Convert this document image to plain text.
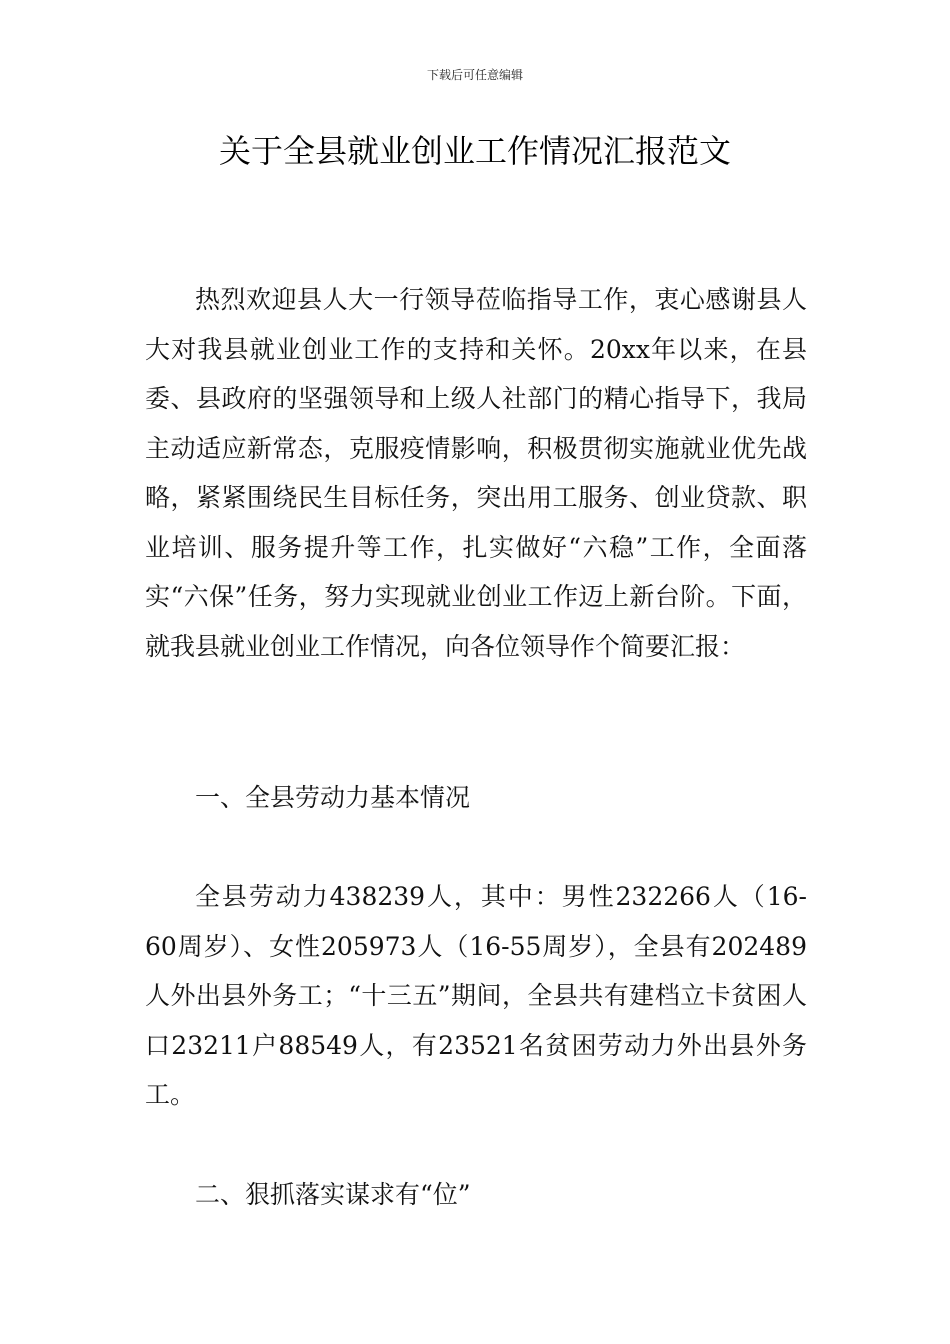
下载后可任意编辑
关于全县就业创业工作情况汇报范文

热烈欢迎县人大一行领导莅临指导工作，衷心感谢县人大对我县就业创业工作的支持和关怀。20xx年以来，在县委、县政府的坚强领导和上级人社部门的精心指导下，我局主动适应新常态，克服疫情影响，积极贯彻实施就业优先战略，紧紧围绕民生目标任务，突出用工服务、创业贷款、职业培训、服务提升等工作，扎实做好“六稳”工作，全面落实“六保”任务，努力实现就业创业工作迈上新台阶。下面，就我县就业创业工作情况，向各位领导作个简要汇报：

一、全县劳动力基本情况

全县劳动力438239人，其中：男性232266人（16-60周岁）、女性205973人（16-55周岁），全县有202489人外出县外务工；“十三五”期间，全县共有建档立卡贫困人口23211户88549人，有23521名贫困劳动力外出县外务工。

二、狠抓落实谋求有“位”
